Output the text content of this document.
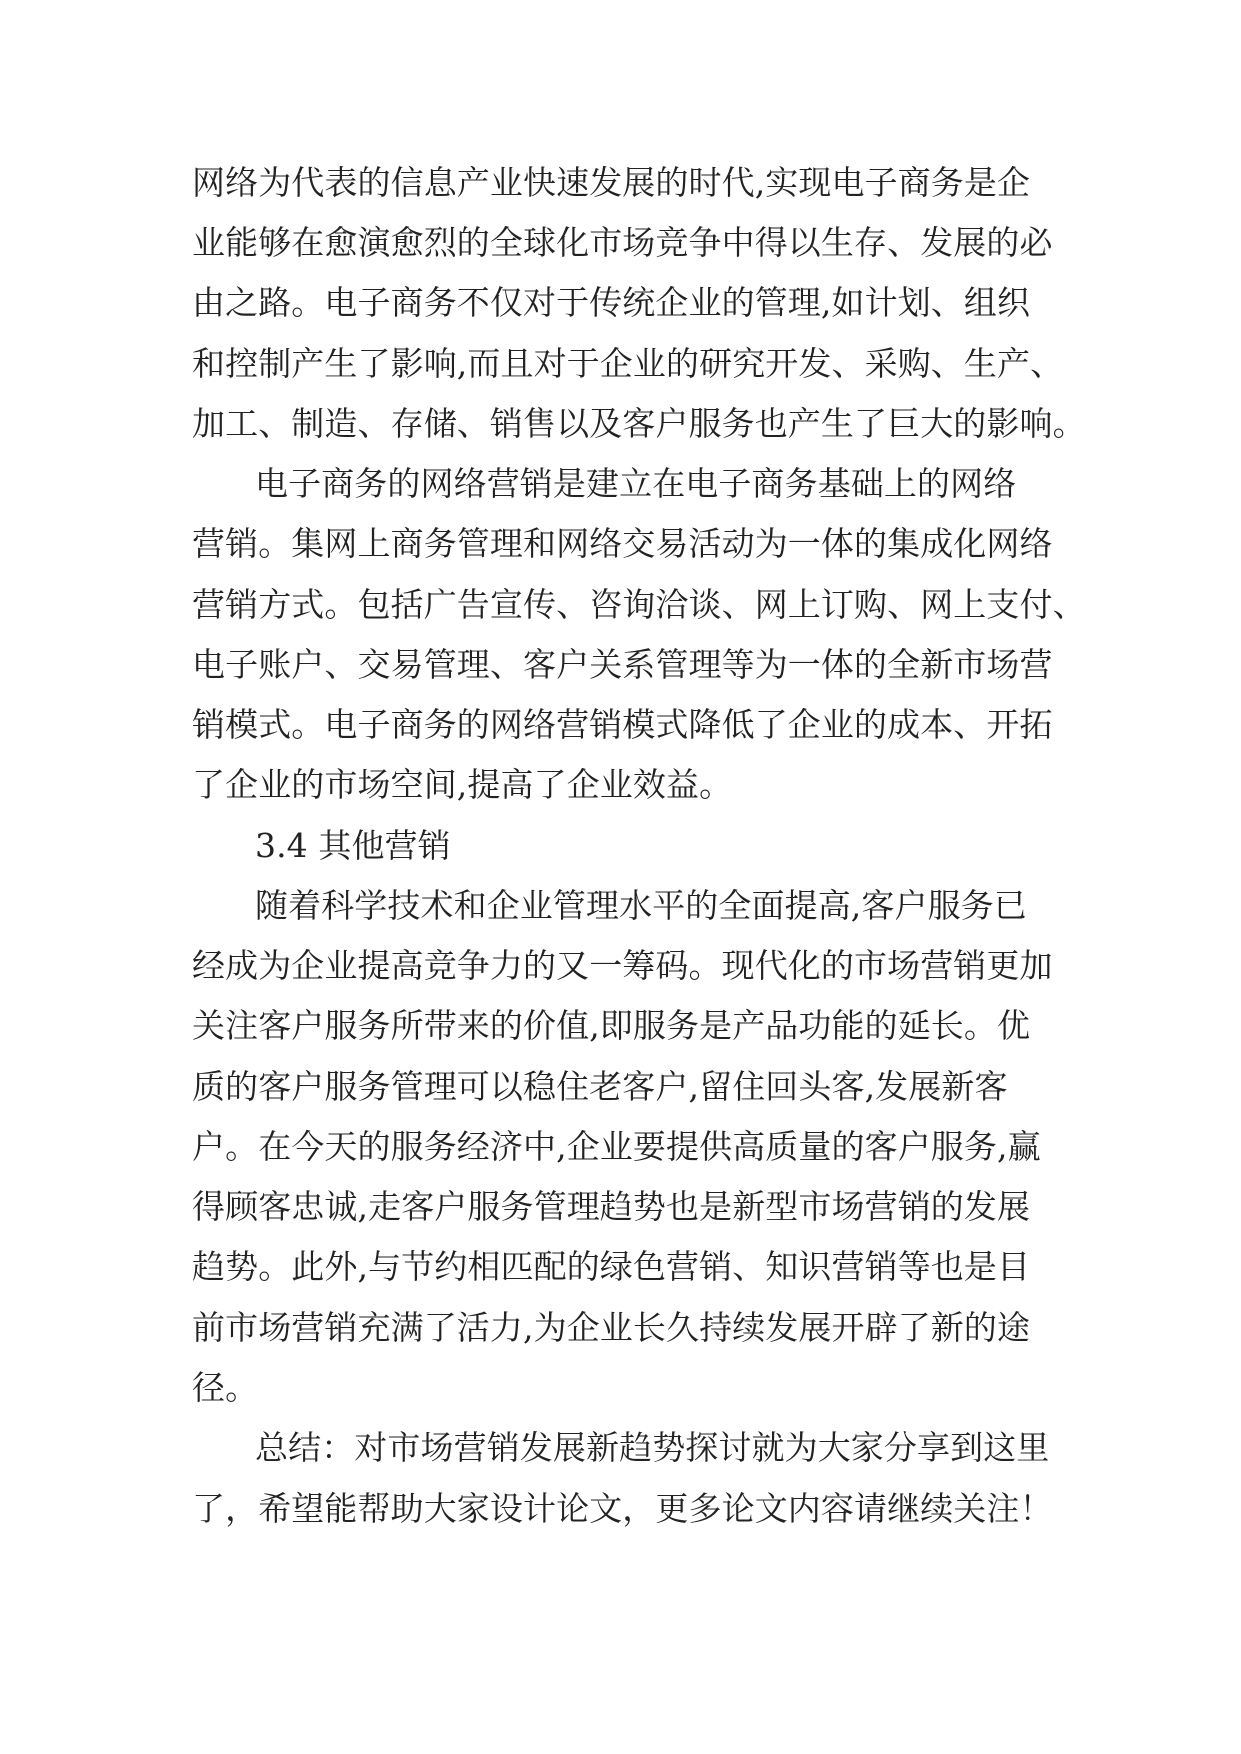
网络为代表的信息产业快速发展的时代,实现电子商务是企
业能够在愈演愈烈的全球化市场竞争中得以生存、发展的必
由之路。电子商务不仅对于传统企业的管理,如计划、组织
和控制产生了影响,而且对于企业的研究开发、采购、生产、
加工、制造、存储、销售以及客户服务也产生了巨大的影响。
电子商务的网络营销是建立在电子商务基础上的网络
营销。集网上商务管理和网络交易活动为一体的集成化网络
营销方式。包括广告宣传、咨询洽谈、网上订购、网上支付、
电子账户、交易管理、客户关系管理等为一体的全新市场营
销模式。电子商务的网络营销模式降低了企业的成本、开拓
了企业的市场空间,提高了企业效益。
3.4 其他营销
随着科学技术和企业管理水平的全面提高,客户服务已
经成为企业提高竞争力的又一筹码。现代化的市场营销更加
关注客户服务所带来的价值,即服务是产品功能的延长。优
质的客户服务管理可以稳住老客户,留住回头客,发展新客
户。在今天的服务经济中,企业要提供高质量的客户服务,赢
得顾客忠诚,走客户服务管理趋势也是新型市场营销的发展
趋势。此外,与节约相匹配的绿色营销、知识营销等也是目
前市场营销充满了活力,为企业长久持续发展开辟了新的途
径。
总结：对市场营销发展新趋势探讨就为大家分享到这里
了，希望能帮助大家设计论文，更多论文内容请继续关注！
